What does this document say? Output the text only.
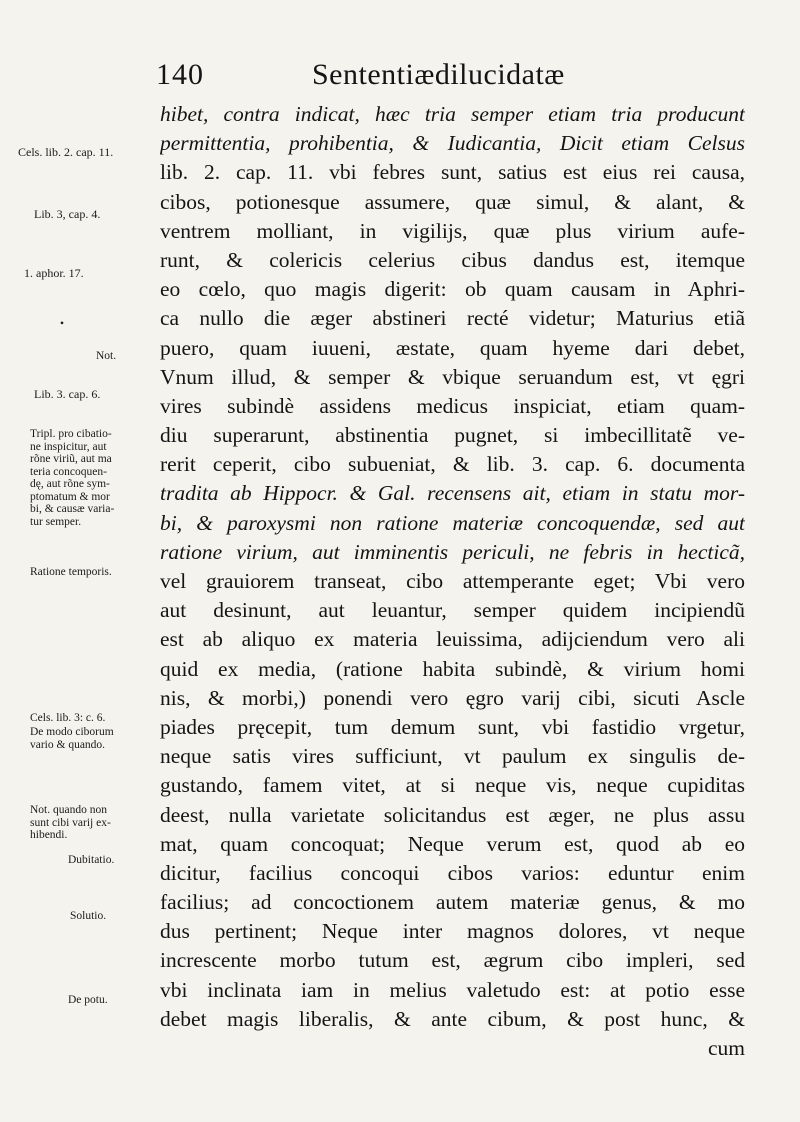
140	Sententiædilucidatæ
Cels. lib. 2. cap. 11.
Lib. 3, cap. 4.
1. aphor. 17.
•
Not.
Lib. 3. cap. 6.
Tripl. pro cibatio-
ne inspicitur, aut
rõne viriũ, aut ma
teria concoquen-
dę, aut rõne sym-
ptomatum & mor
bi, & causæ varia-
tur semper.
Ratione temporis.
Cels. lib. 3: c. 6.
De modo ciborum
vario & quando.
Not. quando non
sunt cibi varij ex-
hibendi.
Dubitatio.
Solutio.
De potu.
hibet, contra indicat, hæc tria semper etiam tria producunt
permittentia, prohibentia, & Iudicantia, Dicit etiam Celsus
lib. 2. cap. 11. vbi febres sunt, satius est eius rei causa,
cibos, potionesque assumere, quæ simul, & alant, &
ventrem molliant, in vigilijs, quæ plus virium aufe-
runt, & colericis celerius cibus dandus est, itemque
eo cœlo, quo magis digerit: ob quam causam in Aphri-
ca nullo die æger abstineri recté videtur; Maturius etiã
puero, quam iuueni, æstate, quam hyeme dari debet,
Vnum illud, & semper & vbique seruandum est, vt ęgri
vires subindè assidens medicus inspiciat, etiam quam-
diu superarunt, abstinentia pugnet, si imbecillitatẽ ve-
rerit ceperit, cibo subueniat, & lib. 3. cap. 6. documenta
tradita ab Hippocr. & Gal. recensens ait, etiam in statu mor-
bi, & paroxysmi non ratione materiæ concoquendæ, sed aut
ratione virium, aut imminentis periculi, ne febris in hecticã,
vel grauiorem transeat, cibo attemperante eget; Vbi vero
aut desinunt, aut leuantur, semper quidem incipiendũ
est ab aliquo ex materia leuissima, adijciendum vero ali
quid ex media, (ratione habita subindè, & virium homi
nis, & morbi,) ponendi vero ęgro varij cibi, sicuti Ascle
piades pręcepit, tum demum sunt, vbi fastidio vrgetur,
neque satis vires sufficiunt, vt paulum ex singulis de-
gustando, famem vitet, at si neque vis, neque cupiditas
deest, nulla varietate solicitandus est æger, ne plus assu
mat, quam concoquat; Neque verum est, quod ab eo
dicitur, facilius concoqui cibos varios: eduntur enim
facilius; ad concoctionem autem materiæ genus, & mo
dus pertinent; Neque inter magnos dolores, vt neque
increscente morbo tutum est, ægrum cibo impleri, sed
vbi inclinata iam in melius valetudo est: at potio esse
debet magis liberalis, & ante cibum, & post hunc, &
cum
